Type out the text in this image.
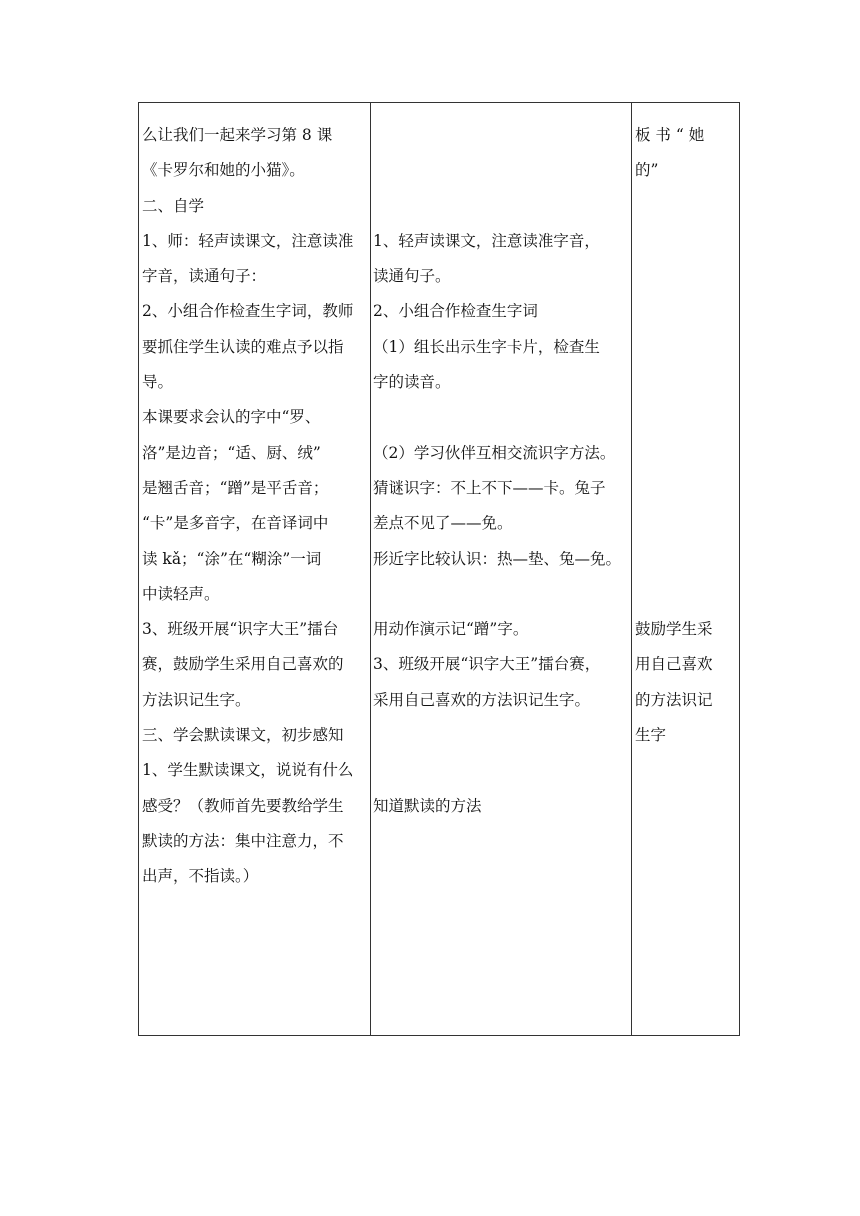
么让我们一起来学习第 8 课
《卡罗尔和她的小猫》。
二、自学
1、师：轻声读课文，注意读准
字音，读通句子：
2、小组合作检查生字词，教师
要抓住学生认读的难点予以指
导。
本课要求会认的字中“罗、
洛”是边音；“适、厨、绒”
是翘舌音；“蹭”是平舌音；
“卡”是多音字，在音译词中
读 kǎ；“涂”在“糊涂”一词
中读轻声。
3、班级开展“识字大王”擂台
赛，鼓励学生采用自己喜欢的
方法识记生字。
三、学会默读课文，初步感知
1、学生默读课文，说说有什么
感受？（教师首先要教给学生
默读的方法：集中注意力，不
出声，不指读。）
1、轻声读课文，注意读准字音，
读通句子。
2、小组合作检查生字词
（1）组长出示生字卡片，检查生
字的读音。
（2）学习伙伴互相交流识字方法。
猜谜识字：不上不下——卡。兔子
差点不见了——免。
形近字比较认识：热—垫、兔—免。
用动作演示记“蹭”字。
3、班级开展“识字大王”擂台赛，
采用自己喜欢的方法识记生字。
知道默读的方法
板 书 “ 她
的”
鼓励学生采
用自己喜欢
的方法识记
生字
